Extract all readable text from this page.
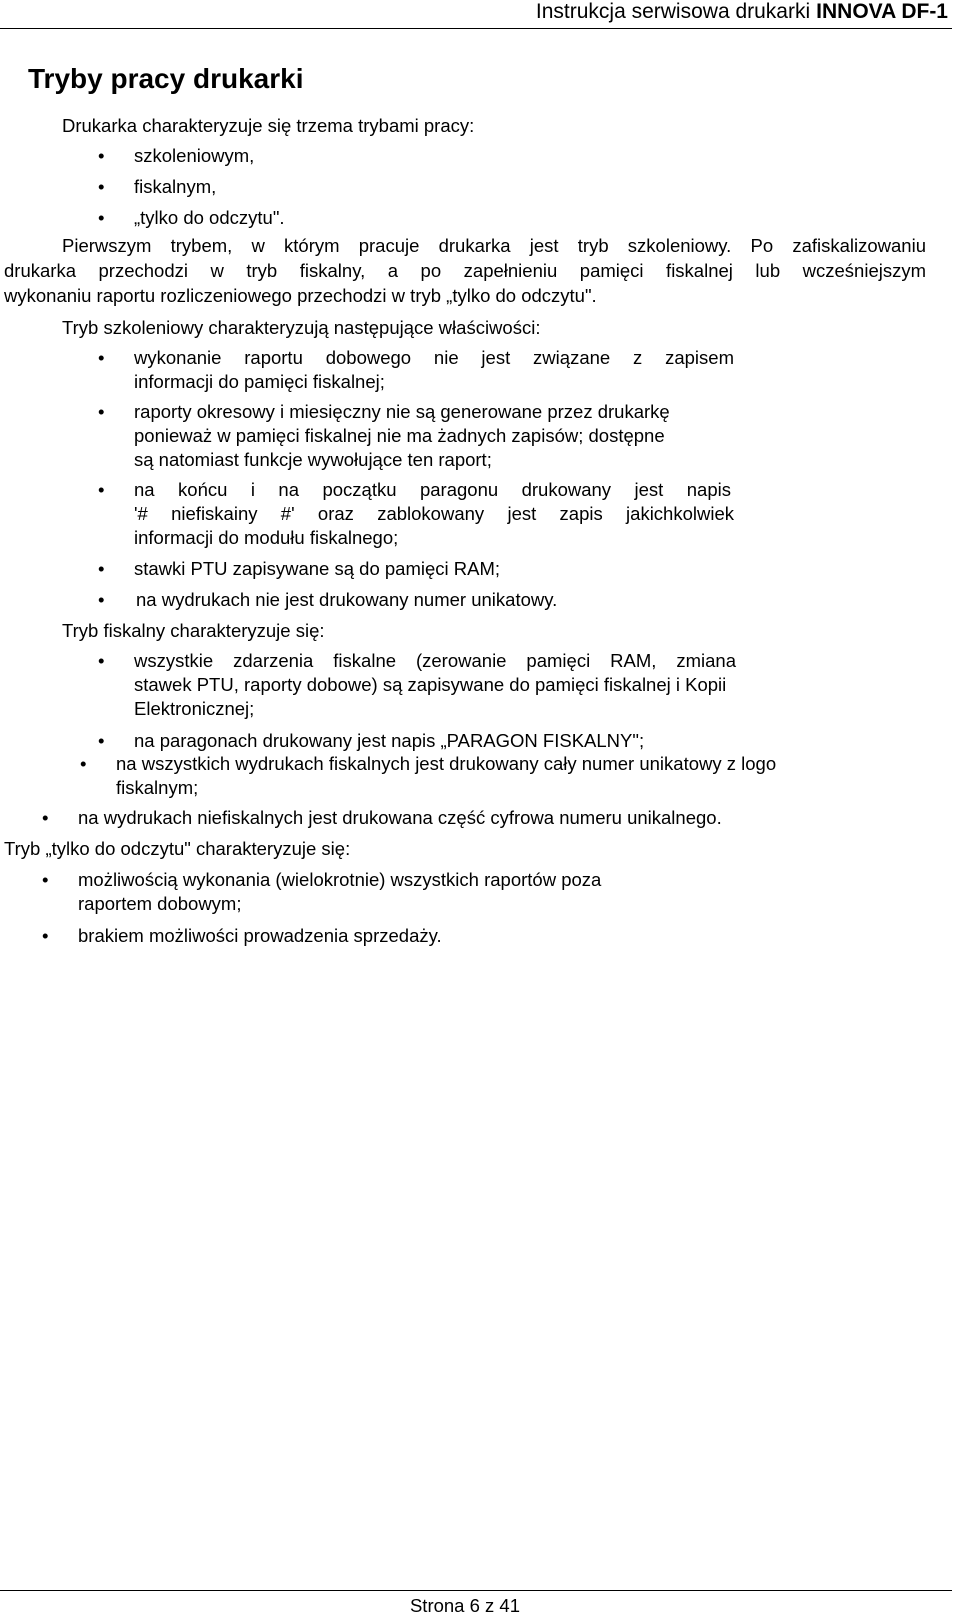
Instrukcja serwisowa drukarki INNOVA DF-1
Tryby pracy drukarki

Drukarka charakteryzuje się trzema trybami pracy:

• szkoleniowym,
• fiskalnym,
• „tylko do odczytu".

Pierwszym trybem, w którym pracuje drukarka jest tryb szkoleniowy. Po zafiskalizowaniu

drukarka przechodzi w tryb fiskalny, a po zapełnieniu pamięci fiskalnej lub wcześniejszym

wykonaniu raportu rozliczeniowego przechodzi w tryb „tylko do odczytu".

Tryb szkoleniowy charakteryzują następujące właściwości:

• wykonanie raportu dobowego nie jest związane z zapisem

informacji do pamięci fiskalnej;

• raporty okresowy i miesięczny nie są generowane przez drukarkę

ponieważ w pamięci fiskalnej nie ma żadnych zapisów; dostępne

są natomiast funkcje wywołujące ten raport;

• na końcu i na początku paragonu drukowany jest napis

'# niefiskainy #' oraz zablokowany jest zapis jakichkolwiek

informacji do modułu fiskalnego;

• stawki PTU zapisywane są do pamięci RAM;

• na wydrukach nie jest drukowany numer unikatowy.

Tryb fiskalny charakteryzuje się:

• wszystkie zdarzenia fiskalne (zerowanie pamięci RAM, zmiana

stawek PTU, raporty dobowe) są zapisywane do pamięci fiskalnej i Kopii

Elektronicznej;

• na paragonach drukowany jest napis „PARAGON FISKALNY";

• na wszystkich wydrukach fiskalnych jest drukowany cały numer unikatowy z logo

fiskalnym;

• na wydrukach niefiskalnych jest drukowana część cyfrowa numeru unikalnego.

Tryb „tylko do odczytu" charakteryzuje się:

• możliwością wykonania (wielokrotnie) wszystkich raportów poza

raportem dobowym;

• brakiem możliwości prowadzenia sprzedaży.

Strona 6 z 41
